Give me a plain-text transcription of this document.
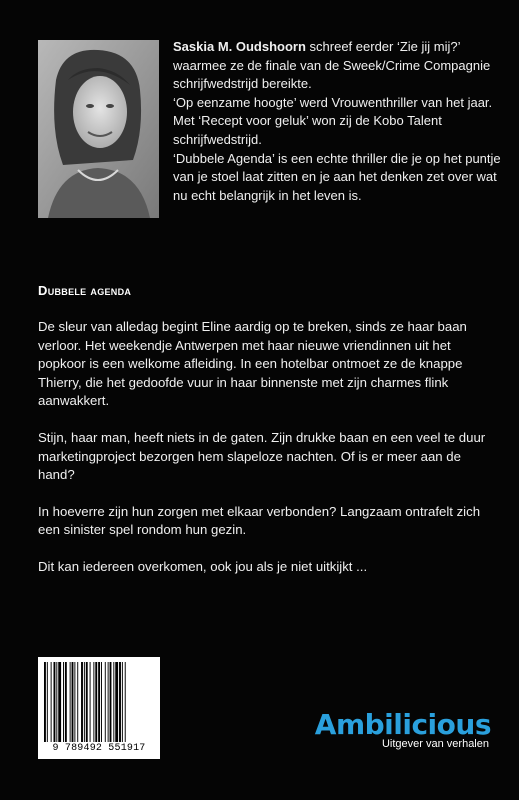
Saskia M. Oudshoorn schreef eerder ‘Zie jij mij?’ waarmee ze de finale van de Sweek/Crime Compagnie schrijfwedstrijd bereikte.

‘Op eenzame hoogte’ werd Vrouwenthriller van het jaar. Met ‘Recept voor geluk’ won zij de Kobo Talent schrijfwedstrijd.

‘Dubbele Agenda’ is een echte thriller die je op het puntje van je stoel laat zitten en je aan het denken zet over wat nu echt belangrijk in het leven is.

Dubbele agenda

De sleur van alledag begint Eline aardig op te breken, sinds ze haar baan verloor. Het weekendje Antwerpen met haar nieuwe vriendinnen uit het popkoor is een welkome afleiding. In een hotelbar ontmoet ze de knappe Thierry, die het gedoofde vuur in haar binnenste met zijn charmes flink aanwakkert.

Stijn, haar man, heeft niets in de gaten. Zijn drukke baan en een veel te duur marketingproject bezorgen hem slapeloze nachten. Of is er meer aan de hand?

In hoeverre zijn hun zorgen met elkaar verbonden? Langzaam ontrafelt zich een sinister spel rondom hun gezin.

Dit kan iedereen overkomen, ook jou als je niet uitkijkt ...

9 789492 551917
Ambilicious
Uitgever van verhalen
